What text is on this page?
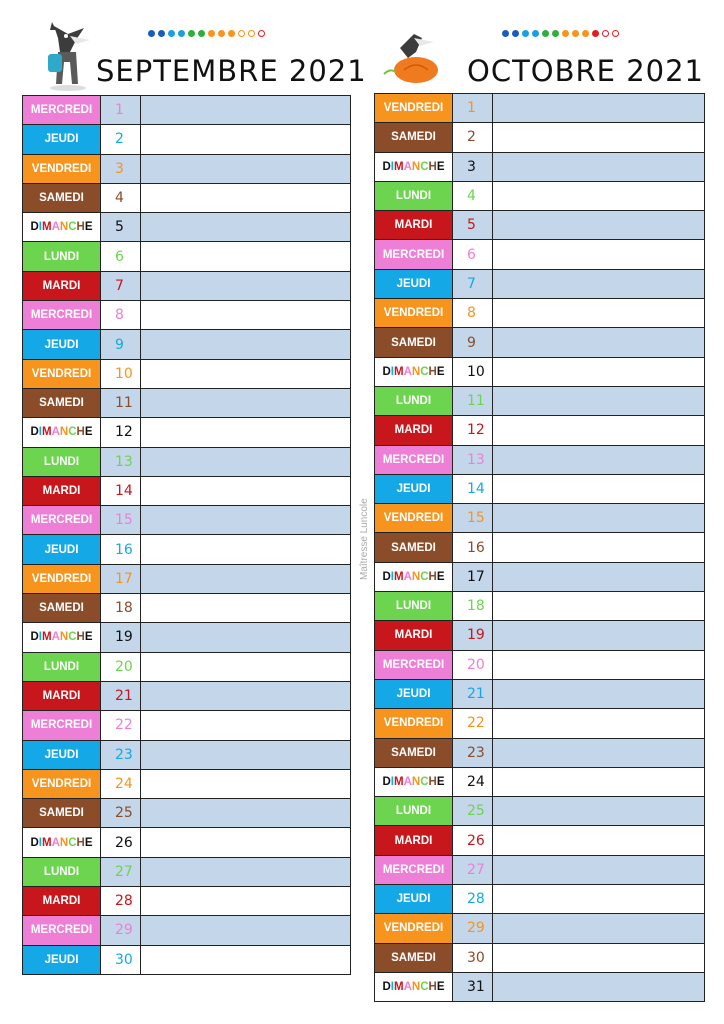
SEPTEMBRE 2021
MERCREDI	1	
JEUDI	2	
VENDREDI	3	
SAMEDI	4	
DIMANCHE	5	
LUNDI	6	
MARDI	7	
MERCREDI	8	
JEUDI	9	
VENDREDI	10	
SAMEDI	11	
DIMANCHE	12	
LUNDI	13	
MARDI	14	
MERCREDI	15	
JEUDI	16	
VENDREDI	17	
SAMEDI	18	
DIMANCHE	19	
LUNDI	20	
MARDI	21	
MERCREDI	22	
JEUDI	23	
VENDREDI	24	
SAMEDI	25	
DIMANCHE	26	
LUNDI	27	
MARDI	28	
MERCREDI	29	
JEUDI	30	
OCTOBRE 2021
VENDREDI	1	
SAMEDI	2	
DIMANCHE	3	
LUNDI	4	
MARDI	5	
MERCREDI	6	
JEUDI	7	
VENDREDI	8	
SAMEDI	9	
DIMANCHE	10	
LUNDI	11	
MARDI	12	
MERCREDI	13	
JEUDI	14	
VENDREDI	15	
SAMEDI	16	
DIMANCHE	17	
LUNDI	18	
MARDI	19	
MERCREDI	20	
JEUDI	21	
VENDREDI	22	
SAMEDI	23	
DIMANCHE	24	
LUNDI	25	
MARDI	26	
MERCREDI	27	
JEUDI	28	
VENDREDI	29	
SAMEDI	30	
DIMANCHE	31	
Maîtresse Luncole
